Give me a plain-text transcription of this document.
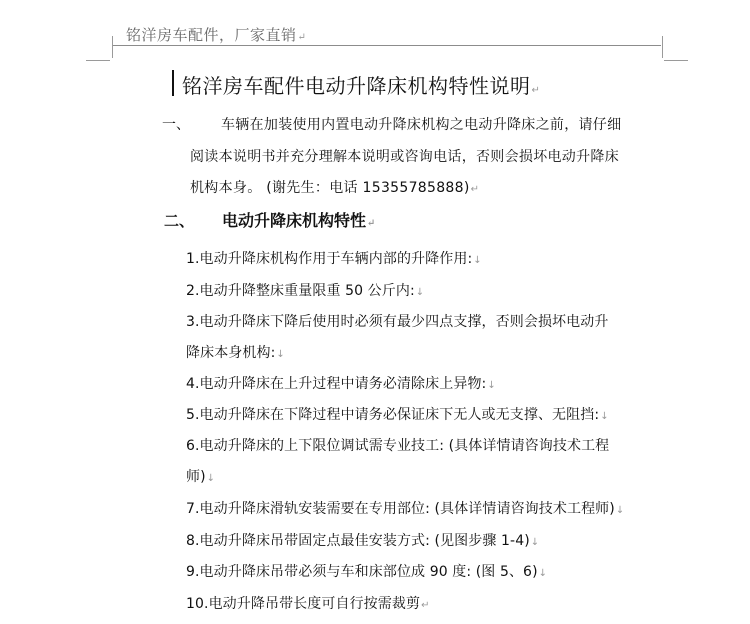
铭洋房车配件，厂家直销↵
铭洋房车配件电动升降床机构特性说明↵
一、 车辆在加装使用内置电动升降床机构之电动升降床之前，请仔细
阅读本说明书并充分理解本说明或咨询电话，否则会损坏电动升降床
机构本身。 (谢先生：电话 15355785888)↵
二、 电动升降床机构特性↵
1.电动升降床机构作用于车辆内部的升降作用:↓
2.电动升降整床重量限重 50 公斤内:↓
3.电动升降床下降后使用时必须有最少四点支撑，否则会损坏电动升
降床本身机构:↓
4.电动升降床在上升过程中请务必清除床上异物:↓
5.电动升降床在下降过程中请务必保证床下无人或无支撑、无阻挡:↓
6.电动升降床的上下限位调试需专业技工: (具体详情请咨询技术工程
师)↓
7.电动升降床滑轨安装需要在专用部位: (具体详情请咨询技术工程师)↓
8.电动升降床吊带固定点最佳安装方式: (见图步骤 1-4)↓
9.电动升降床吊带必须与车和床部位成 90 度: (图 5、6)↓
10.电动升降吊带长度可自行按需裁剪↵
